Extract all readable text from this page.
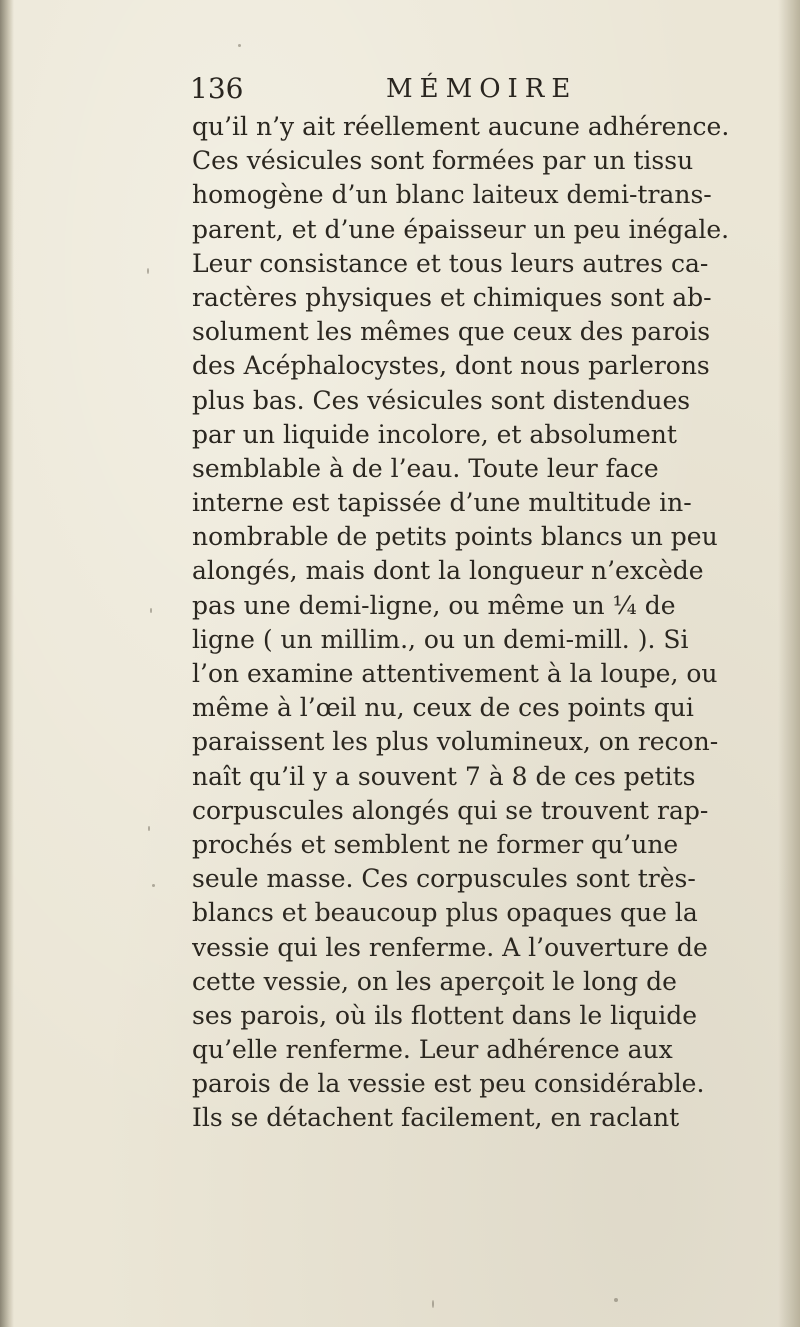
136	MÉMOIRE
qu’il n’y ait réellement aucune adhérence.
Ces vésicules sont formées par un tissu
homogène d’un blanc laiteux demi-trans-
parent, et d’une épaisseur un peu inégale.
Leur consistance et tous leurs autres ca-
ractères physiques et chimiques sont ab-
solument les mêmes que ceux des parois
des Acéphalocystes, dont nous parlerons
plus bas. Ces vésicules sont distendues
par un liquide incolore, et absolument
semblable à de l’eau. Toute leur face
interne est tapissée d’une multitude in-
nombrable de petits points blancs un peu
alongés, mais dont la longueur n’excède
pas une demi-ligne, ou même un ¼ de
ligne ( un millim., ou un demi-mill. ). Si
l’on examine attentivement à la loupe, ou
même à l’œil nu, ceux de ces points qui
paraissent les plus volumineux, on recon-
naît qu’il y a souvent 7 à 8 de ces petits
corpuscules alongés qui se trouvent rap-
prochés et semblent ne former qu’une
seule masse. Ces corpuscules sont très-
blancs et beaucoup plus opaques que la
vessie qui les renferme. A l’ouverture de
cette vessie, on les aperçoit le long de
ses parois, où ils flottent dans le liquide
qu’elle renferme. Leur adhérence aux
parois de la vessie est peu considérable.
Ils se détachent facilement, en raclant
